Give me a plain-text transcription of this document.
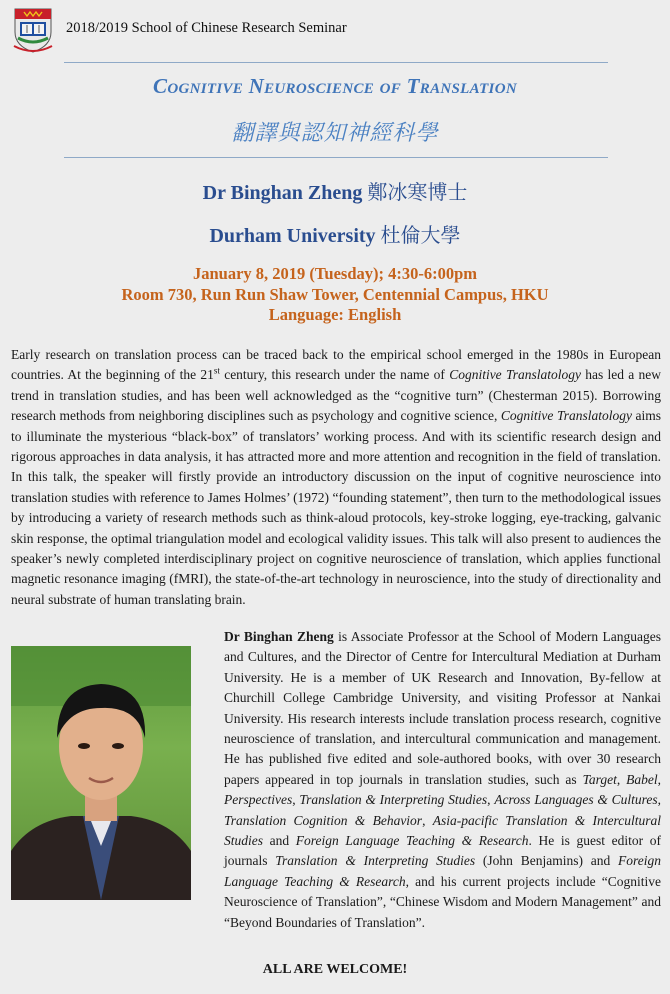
2018/2019 School of Chinese Research Seminar
Cognitive Neuroscience of Translation
翻譯與認知神經科學
Dr Binghan Zheng 鄭冰寒博士
Durham University 杜倫大學
January 8, 2019 (Tuesday); 4:30-6:00pm
Room 730, Run Run Shaw Tower, Centennial Campus, HKU
Language: English

Early research on translation process can be traced back to the empirical school emerged in the 1980s in European countries. At the beginning of the 21st century, this research under the name of Cognitive Translatology has led a new trend in translation studies, and has been well acknowledged as the “cognitive turn” (Chesterman 2015). Borrowing research methods from neighboring disciplines such as psychology and cognitive science, Cognitive Translatology aims to illuminate the mysterious “black-box” of translators’ working process. And with its scientific research design and rigorous approaches in data analysis, it has attracted more and more attention and recognition in the field of translation. In this talk, the speaker will firstly provide an introductory discussion on the input of cognitive neuroscience into translation studies with reference to James Holmes’ (1972) “founding statement”, then turn to the methodological issues by introducing a variety of research methods such as think-aloud protocols, key-stroke logging, eye-tracking, galvanic skin response, the optimal triangulation model and ecological validity issues. This talk will also present to audiences the speaker’s newly completed interdisciplinary project on cognitive neuroscience of translation, which applies functional magnetic resonance imaging (fMRI), the state-of-the-art technology in neuroscience, into the study of directionality and neural substrate of human translating brain.

Dr Binghan Zheng is Associate Professor at the School of Modern Languages and Cultures, and the Director of Centre for Intercultural Mediation at Durham University. He is a member of UK Research and Innovation, By-fellow at Churchill College Cambridge University, and visiting Professor at Nankai University. His research interests include translation process research, cognitive neuroscience of translation, and intercultural communication and management. He has published five edited and sole-authored books, with over 30 research papers appeared in top journals in translation studies, such as Target, Babel, Perspectives, Translation & Interpreting Studies, Across Languages & Cultures, Translation Cognition & Behavior, Asia-pacific Translation & Intercultural Studies and Foreign Language Teaching & Research. He is guest editor of journals Translation & Interpreting Studies (John Benjamins) and Foreign Language Teaching & Research, and his current projects include “Cognitive Neuroscience of Translation”, “Chinese Wisdom and Modern Management” and “Beyond Boundaries of Translation”.

ALL ARE WELCOME!
